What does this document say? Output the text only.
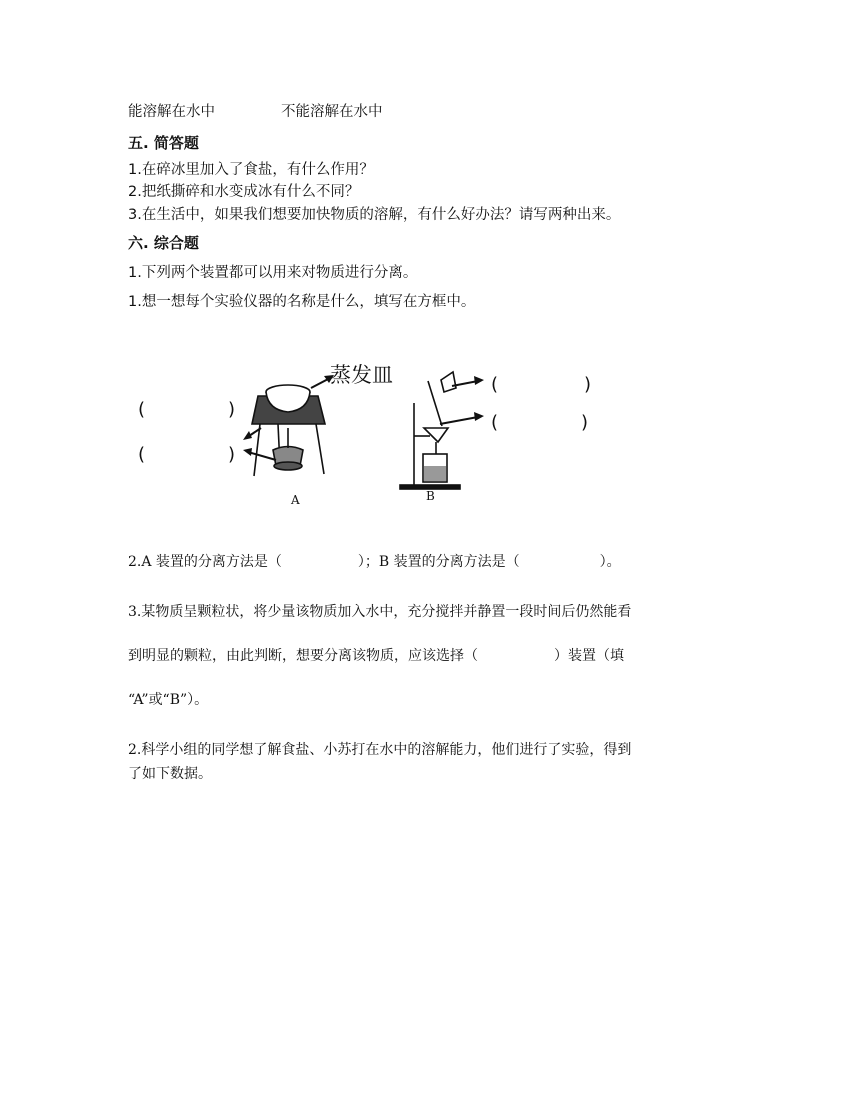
能溶解在水中	不能溶解在水中
五. 简答题
1.在碎冰里加入了食盐，有什么作用？
2.把纸撕碎和水变成冰有什么不同？
3.在生活中，如果我们想要加快物质的溶解，有什么好办法？请写两种出来。
六. 综合题
1.下列两个装置都可以用来对物质进行分离。
1.想一想每个实验仪器的名称是什么，填写在方框中。
蒸发皿
A	B
(	)
(	)
(	)
(	)
2.A 装置的分离方法是（	）；B 装置的分离方法是（	）。
3.某物质呈颗粒状，将少量该物质加入水中，充分搅拌并静置一段时间后仍然能看
到明显的颗粒，由此判断，想要分离该物质，应该选择（	）装置（填
“A”或“B”）。
2.科学小组的同学想了解食盐、小苏打在水中的溶解能力，他们进行了实验，得到
了如下数据。
